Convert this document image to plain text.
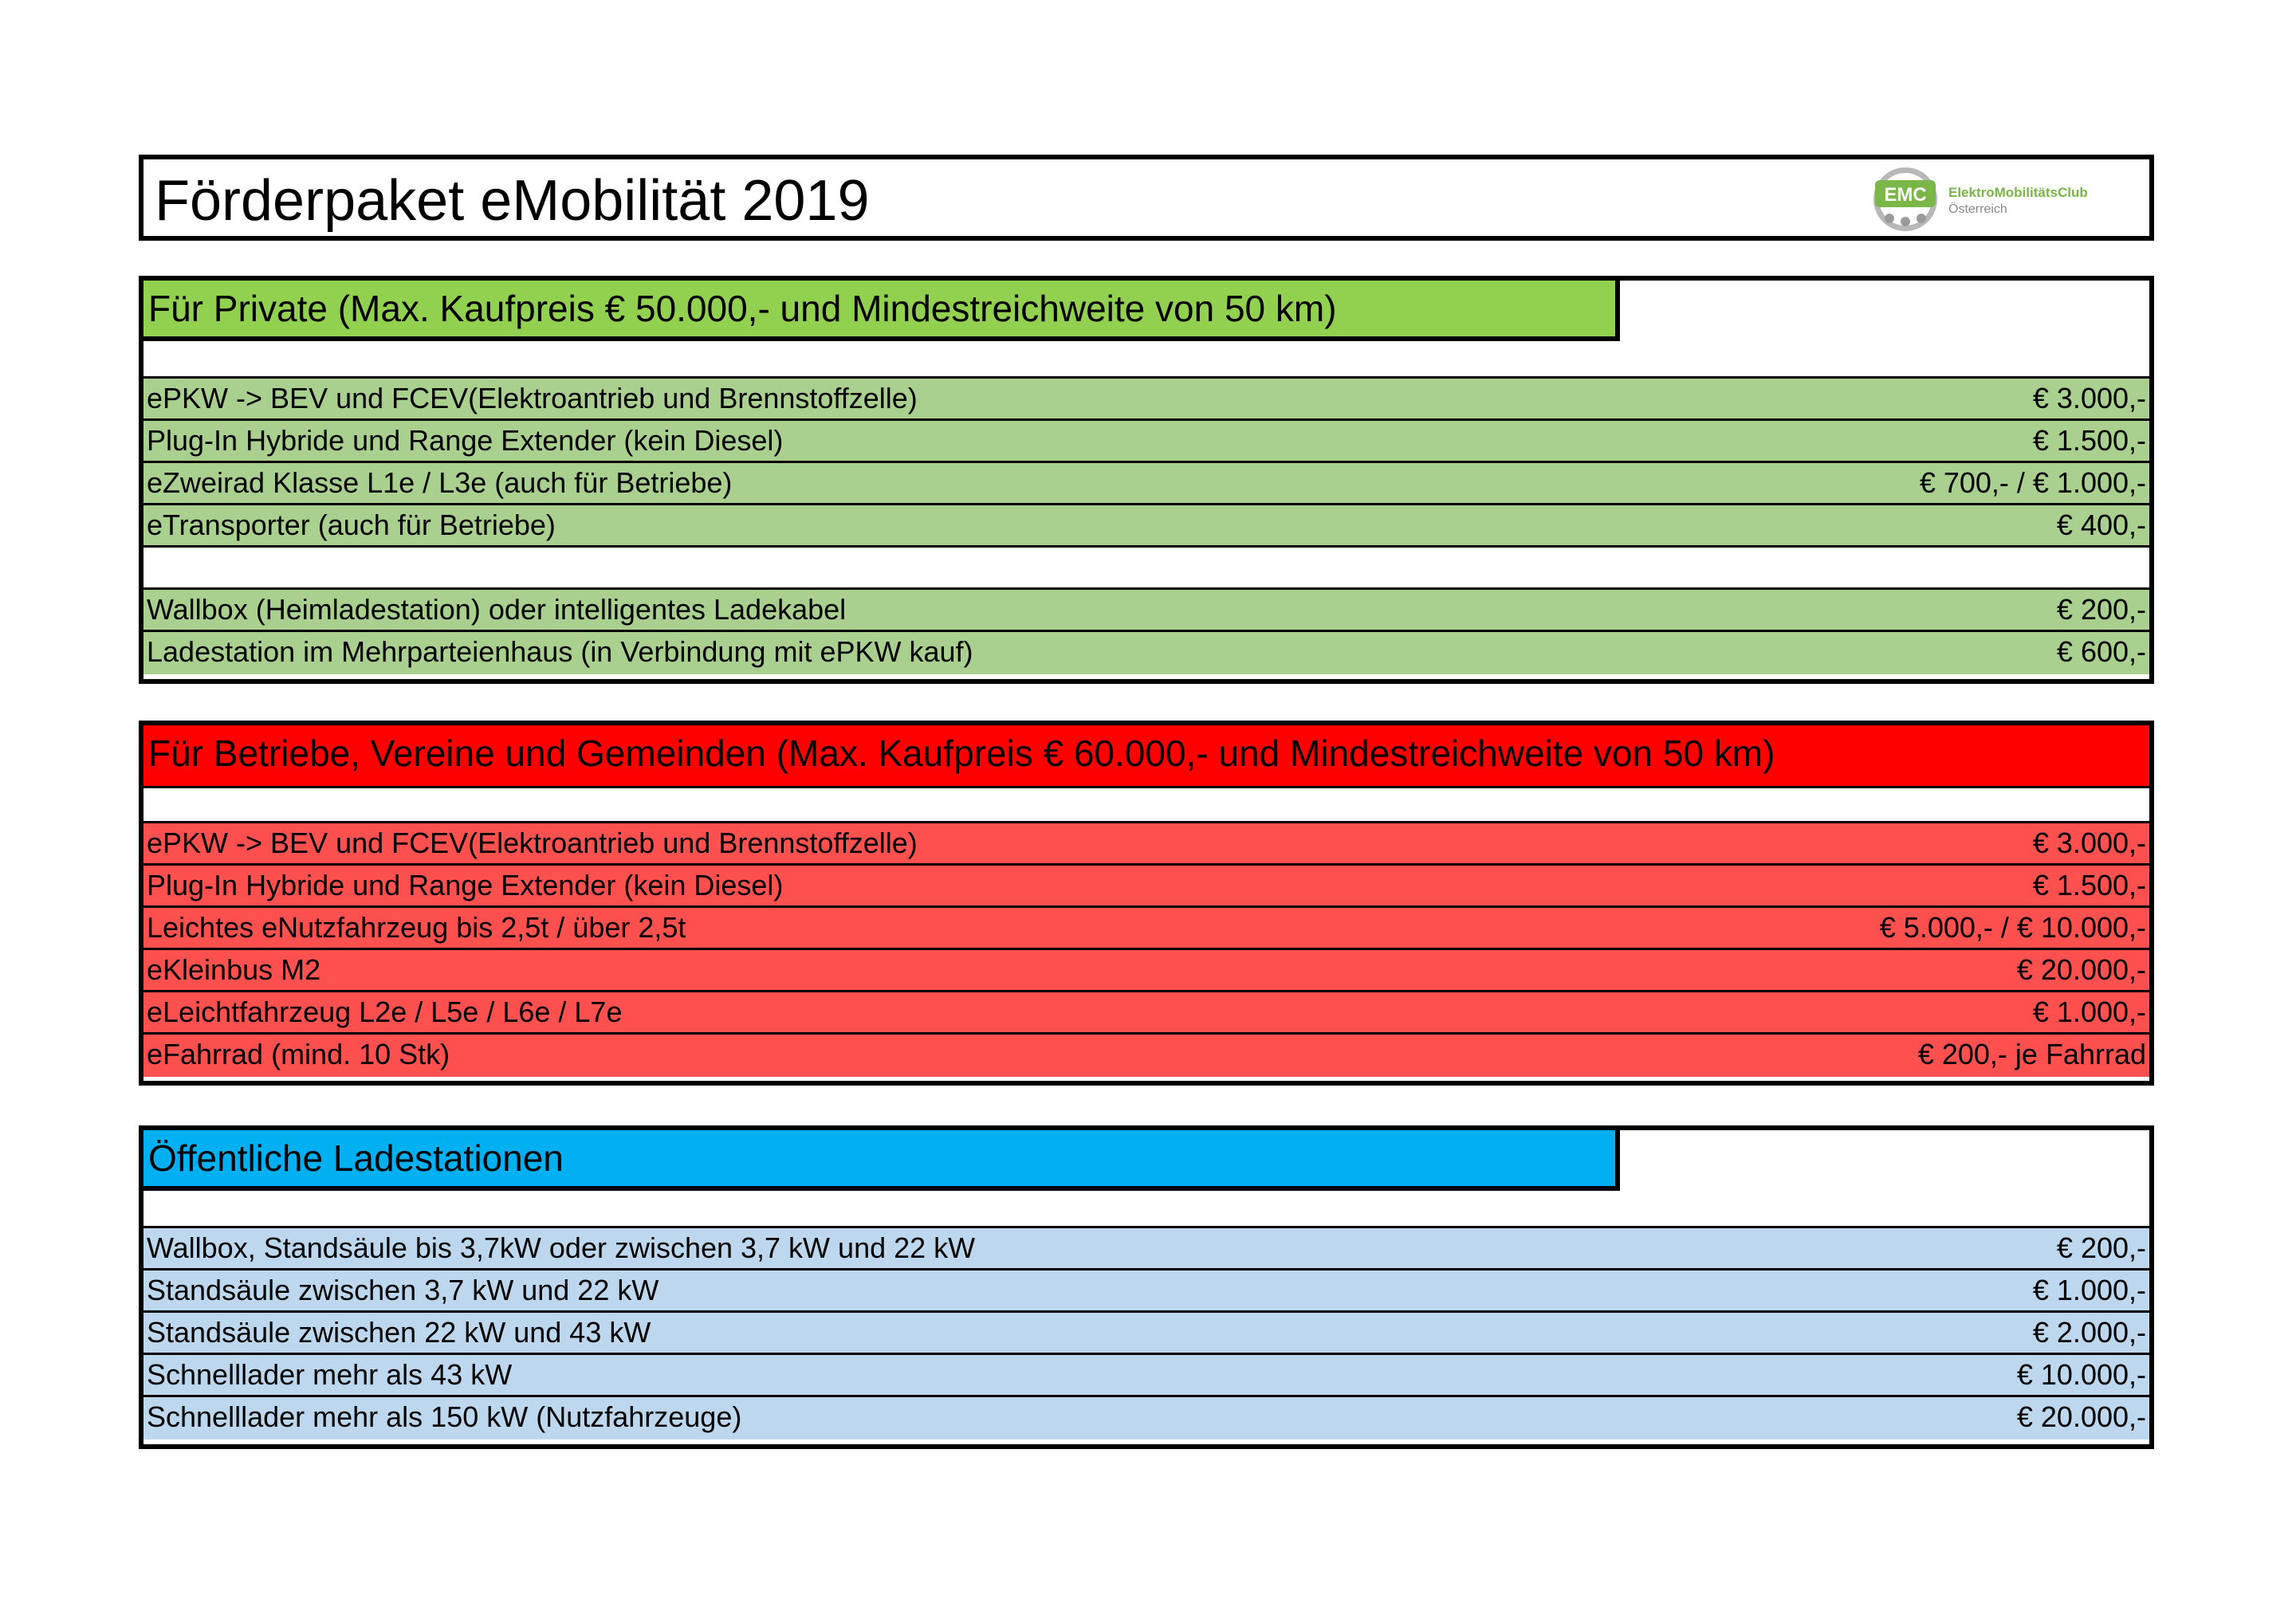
Förderpaket eMobilität 2019	EMC ElektroMobilitätsClub
Österreich
Für Private (Max. Kaufpreis € 50.000,- und Mindestreichweite von 50 km)
ePKW -> BEV und FCEV(Elektroantrieb und Brennstoffzelle)	€ 3.000,-
Plug-In Hybride und Range Extender (kein Diesel)	€ 1.500,-
eZweirad Klasse L1e / L3e (auch für Betriebe)	€ 700,- / € 1.000,-
eTransporter (auch für Betriebe)	€ 400,-
Wallbox (Heimladestation) oder intelligentes Ladekabel	€ 200,-
Ladestation im Mehrparteienhaus (in Verbindung mit ePKW kauf)	€ 600,-
Für Betriebe, Vereine und Gemeinden (Max. Kaufpreis € 60.000,- und Mindestreichweite von 50 km)
ePKW -> BEV und FCEV(Elektroantrieb und Brennstoffzelle)	€ 3.000,-
Plug-In Hybride und Range Extender (kein Diesel)	€ 1.500,-
Leichtes eNutzfahrzeug bis 2,5t / über 2,5t	€ 5.000,- / € 10.000,-
eKleinbus M2	€ 20.000,-
eLeichtfahrzeug L2e / L5e / L6e / L7e	€ 1.000,-
eFahrrad (mind. 10 Stk)	€ 200,- je Fahrrad
Öffentliche Ladestationen
Wallbox, Standsäule bis 3,7kW oder zwischen 3,7 kW und 22 kW	€ 200,-
Standsäule zwischen 3,7 kW und 22 kW	€ 1.000,-
Standsäule zwischen 22 kW und 43 kW	€ 2.000,-
Schnelllader mehr als 43 kW	€ 10.000,-
Schnelllader mehr als 150 kW (Nutzfahrzeuge)	€ 20.000,-
